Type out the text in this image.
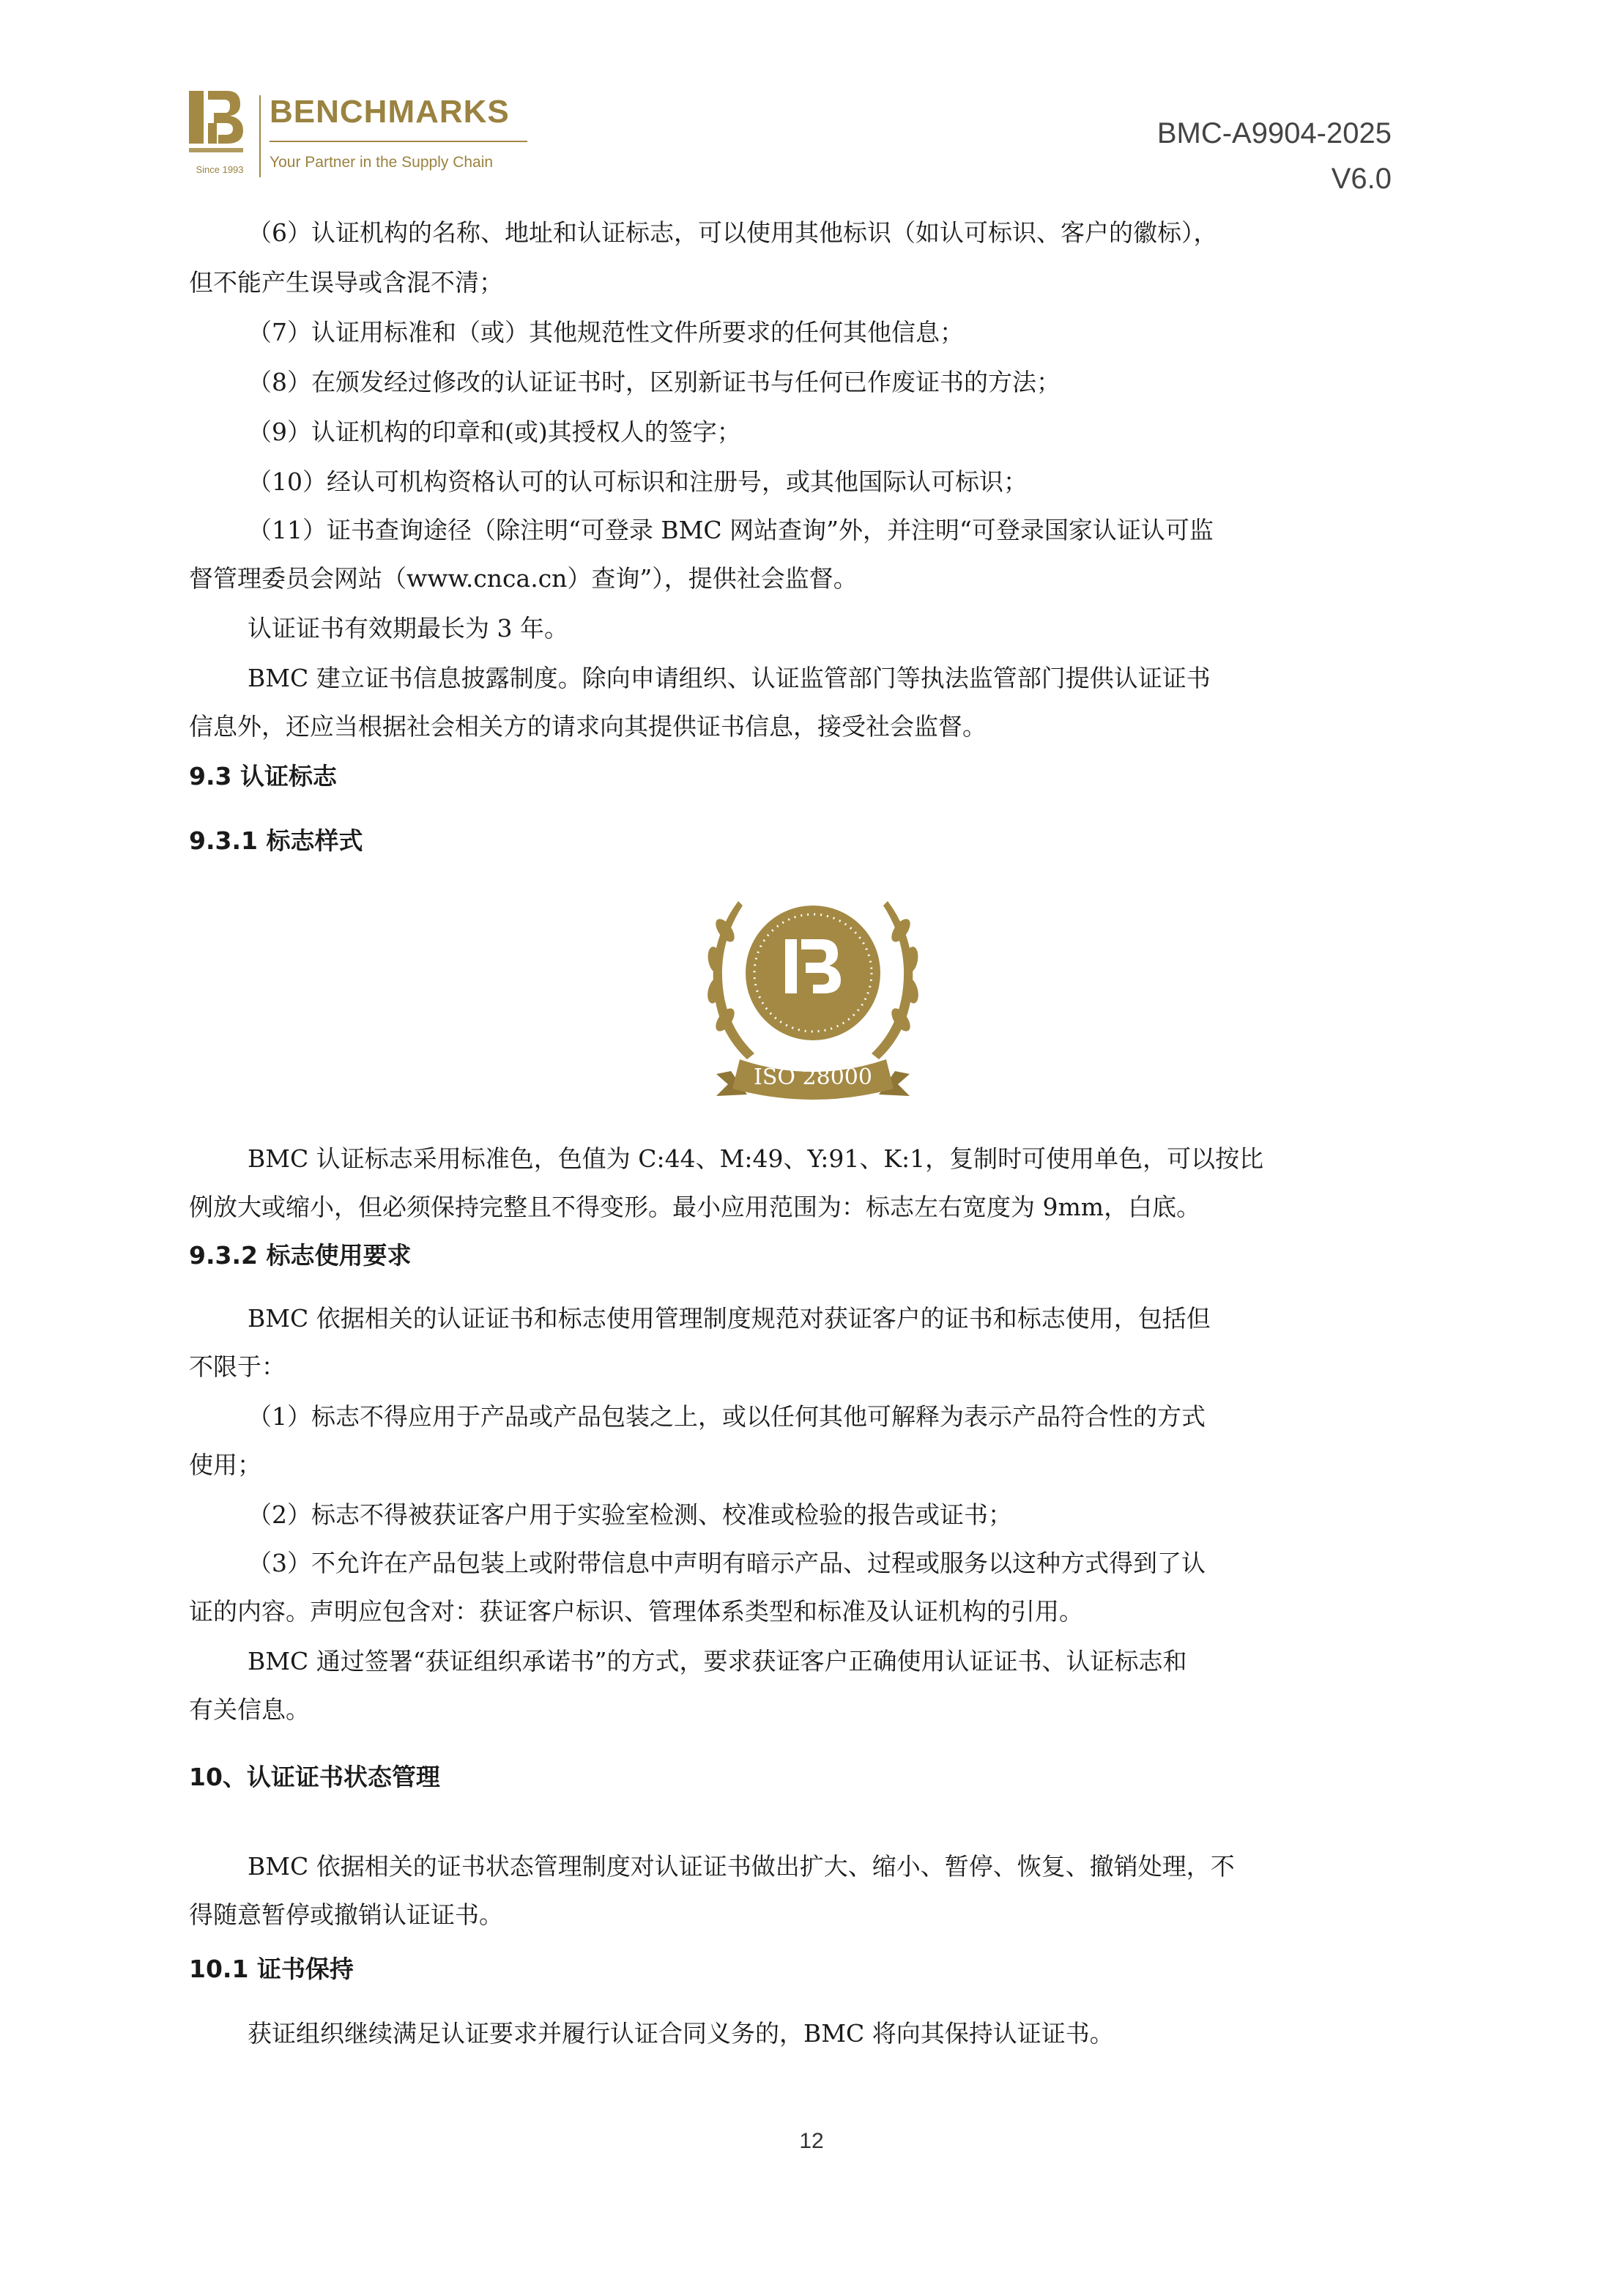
Since 1993
BENCHMARKS
Your Partner in the Supply Chain
BMC-A9904-2025
V6.0

（6）认证机构的名称、地址和认证标志，可以使用其他标识（如认可标识、客户的徽标），

但不能产生误导或含混不清；

（7）认证用标准和（或）其他规范性文件所要求的任何其他信息；

（8）在颁发经过修改的认证证书时，区别新证书与任何已作废证书的方法；

（9）认证机构的印章和(或)其授权人的签字；

（10）经认可机构资格认可的认可标识和注册号，或其他国际认可标识；

（11）证书查询途径（除注明“可登录 BMC 网站查询”外，并注明“可登录国家认证认可监

督管理委员会网站（www.cnca.cn）查询”），提供社会监督。

认证证书有效期最长为 3 年。

BMC 建立证书信息披露制度。除向申请组织、认证监管部门等执法监管部门提供认证证书

信息外，还应当根据社会相关方的请求向其提供证书信息，接受社会监督。

9.3 认证标志
9.3.1 标志样式
ISO 28000

BMC 认证标志采用标准色，色值为 C:44、M:49、Y:91、K:1，复制时可使用单色，可以按比

例放大或缩小，但必须保持完整且不得变形。最小应用范围为：标志左右宽度为 9mm，白底。

9.3.2 标志使用要求

BMC 依据相关的认证证书和标志使用管理制度规范对获证客户的证书和标志使用，包括但

不限于：

（1）标志不得应用于产品或产品包装之上，或以任何其他可解释为表示产品符合性的方式

使用；

（2）标志不得被获证客户用于实验室检测、校准或检验的报告或证书；

（3）不允许在产品包装上或附带信息中声明有暗示产品、过程或服务以这种方式得到了认

证的内容。声明应包含对：获证客户标识、管理体系类型和标准及认证机构的引用。

BMC 通过签署“获证组织承诺书”的方式，要求获证客户正确使用认证证书、认证标志和

有关信息。

10、认证证书状态管理

BMC 依据相关的证书状态管理制度对认证证书做出扩大、缩小、暂停、恢复、撤销处理，不

得随意暂停或撤销认证证书。

10.1 证书保持

获证组织继续满足认证要求并履行认证合同义务的，BMC 将向其保持认证证书。

12
